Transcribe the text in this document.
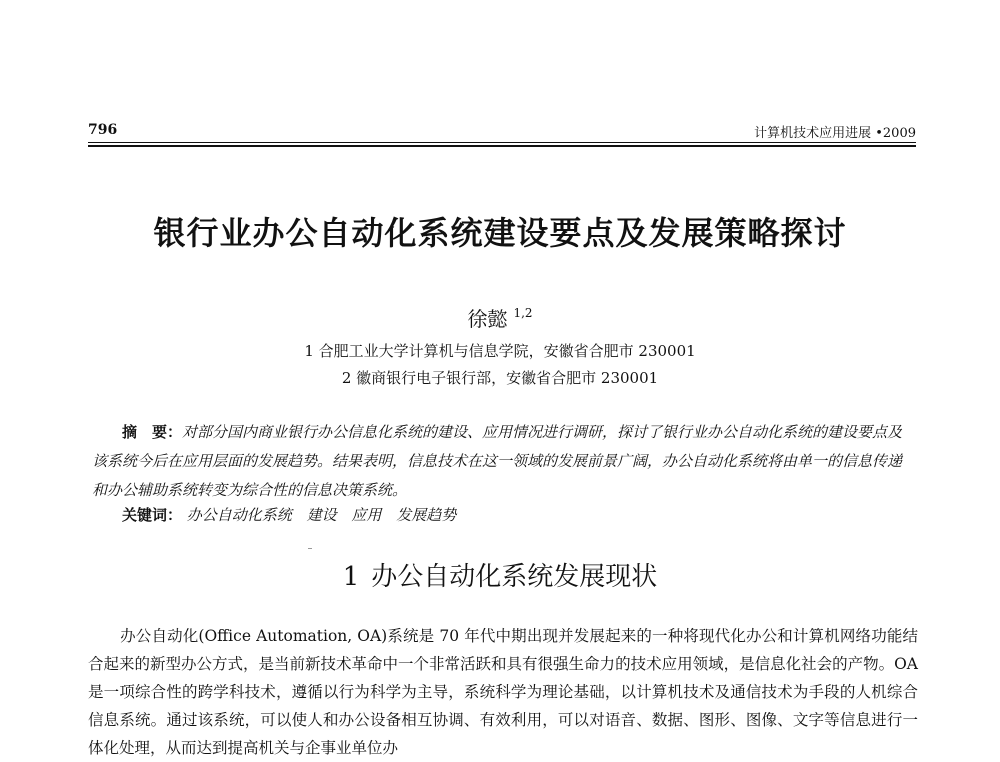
796	计算机技术应用进展 •2009
银行业办公自动化系统建设要点及发展策略探讨
徐懿 $^{1,2}$
1 合肥工业大学计算机与信息学院，安徽省合肥市 230001
2 徽商银行电子银行部，安徽省合肥市 230001
摘　要：对部分国内商业银行办公信息化系统的建设、应用情况进行调研，探讨了银行业办公自动化系统的建设要点及该系统今后在应用层面的发展趋势。结果表明，信息技术在这一领域的发展前景广阔，办公自动化系统将由单一的信息传递和办公辅助系统转变为综合性的信息决策系统。
关键词： 办公自动化系统 建设 应用 发展趋势
1 办公自动化系统发展现状
办公自动化(Office Automation, OA)系统是 70 年代中期出现并发展起来的一种将现代化办公和计算机网络功能结合起来的新型办公方式，是当前新技术革命中一个非常活跃和具有很强生命力的技术应用领域，是信息化社会的产物。OA 是一项综合性的跨学科技术，遵循以行为科学为主导，系统科学为理论基础，以计算机技术及通信技术为手段的人机综合信息系统。通过该系统，可以使人和办公设备相互协调、有效利用，可以对语音、数据、图形、图像、文字等信息进行一体化处理，从而达到提高机关与企事业单位办
